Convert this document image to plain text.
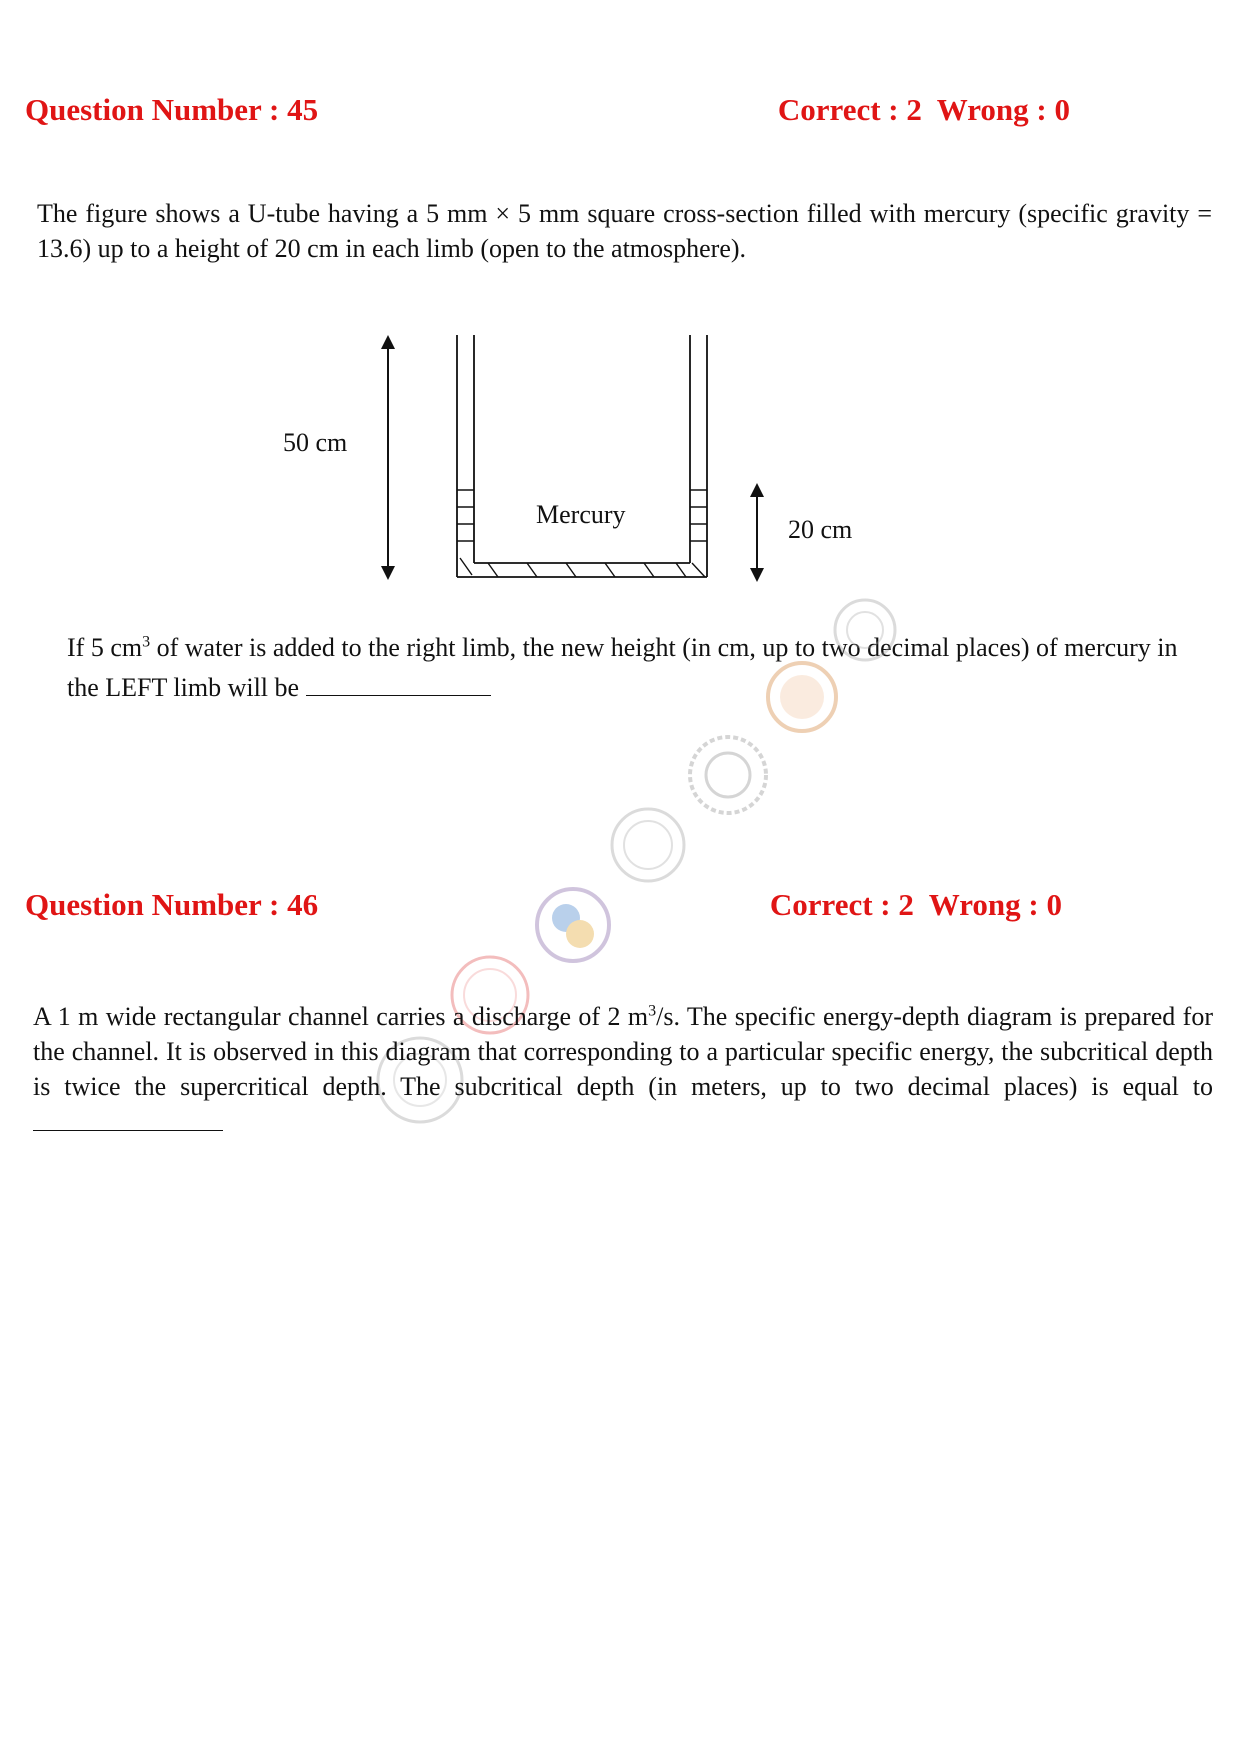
Question Number : 45	Correct : 2  Wrong : 0
The figure shows a U-tube having a 5 mm × 5 mm square cross-section filled with mercury (specific gravity = 13.6) up to a height of 20 cm in each limb (open to the atmosphere).
50 cm
Mercury
20 cm
If 5 $cm^3$ of water is added to the right limb, the new height (in cm, up to two decimal places) of mercury in the LEFT limb will be
Question Number : 46	Correct : 2  Wrong : 0
A 1 m wide rectangular channel carries a discharge of 2 $m^3/s$. The specific energy-depth diagram is prepared for the channel. It is observed in this diagram that corresponding to a particular specific energy, the subcritical depth is twice the supercritical depth. The subcritical depth (in meters, up to two decimal places) is equal to
